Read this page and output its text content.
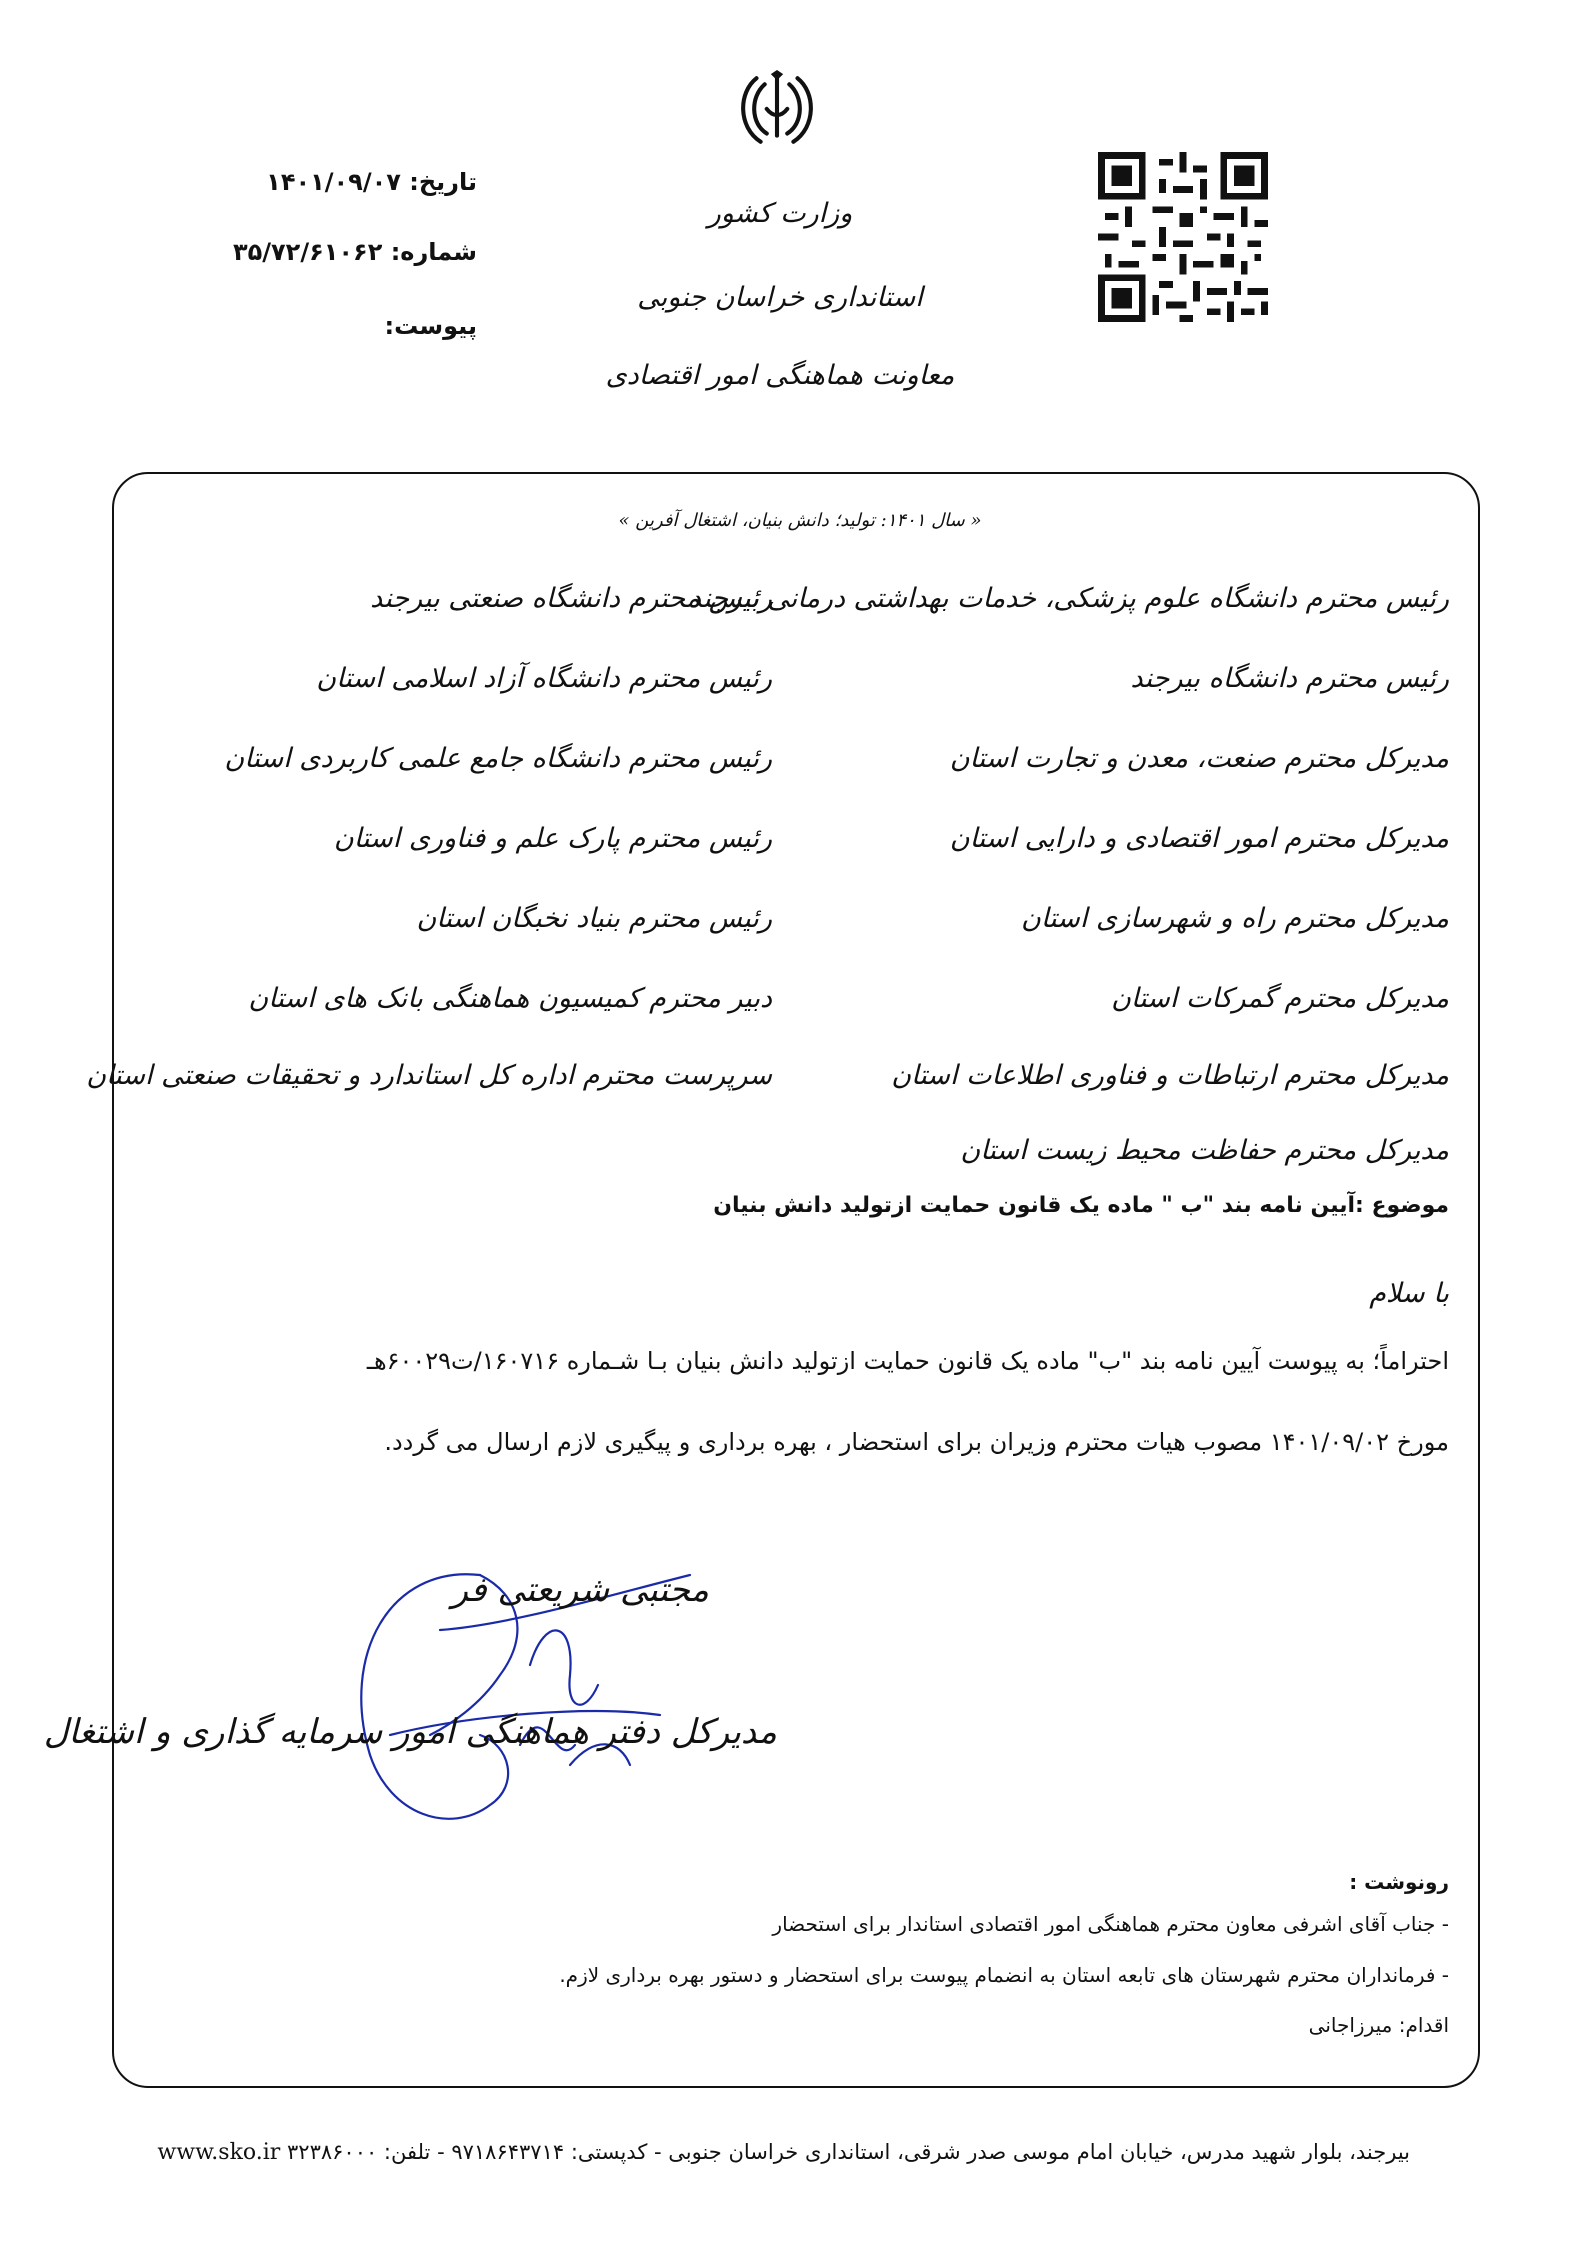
وزارت کشور
استانداری خراسان جنوبی
معاونت هماهنگی امور اقتصادی
تاریخ: ۱۴۰۱/۰۹/۰۷
شماره: ۳۵/۷۲/۶۱۰۶۲
پیوست:
« سال ۱۴۰۱: تولید؛ دانش بنیان، اشتغال آفرین »
رئیس محترم دانشگاه علوم پزشکی، خدمات بهداشتی درمانی بیرجند
رئیس محترم دانشگاه بیرجند
مدیرکل محترم صنعت، معدن و تجارت استان
مدیرکل محترم امور اقتصادی و دارایی استان
مدیرکل محترم راه و شهرسازی استان
مدیرکل محترم گمرکات استان
مدیرکل محترم ارتباطات و فناوری اطلاعات استان
مدیرکل محترم حفاظت محیط زیست استان
رئیس محترم دانشگاه صنعتی بیرجند
رئیس محترم دانشگاه آزاد اسلامی استان
رئیس محترم دانشگاه جامع علمی کاربردی استان
رئیس محترم پارک علم و فناوری استان
رئیس محترم بنیاد نخبگان استان
دبیر محترم کمیسیون هماهنگی بانک های استان
سرپرست محترم اداره کل استاندارد و تحقیقات صنعتی استان
موضوع :آیین نامه بند "ب " ماده یک قانون حمایت ازتولید دانش بنیان
با سلام
احتراماً؛ به پیوست آیین نامه بند "ب" ماده یک قانون حمایت ازتولید دانش بنیان بـا شـماره ۱۶۰۷۱۶/ت۶۰۰۲۹هـ
مورخ ۱۴۰۱/۰۹/۰۲ مصوب هیات محترم وزیران برای استحضار ، بهره برداری و پیگیری لازم ارسال می گردد.
مجتبی شریعتی فر
مدیرکل دفتر هماهنگی امور سرمایه گذاری و اشتغال
رونوشت :
- جناب آقای اشرفی معاون محترم هماهنگی امور اقتصادی استاندار برای استحضار
- فرمانداران محترم شهرستان های تابعه استان به انضمام پیوست برای استحضار و دستور بهره برداری لازم.
اقدام: میرزاجانی
بیرجند، بلوار شهید مدرس، خیابان امام موسی صدر شرقی، استانداری خراسان جنوبی - کدپستی: ۹۷۱۸۶۴۳۷۱۴ - تلفن: ۳۲۳۸۶۰۰۰ www.sko.ir
